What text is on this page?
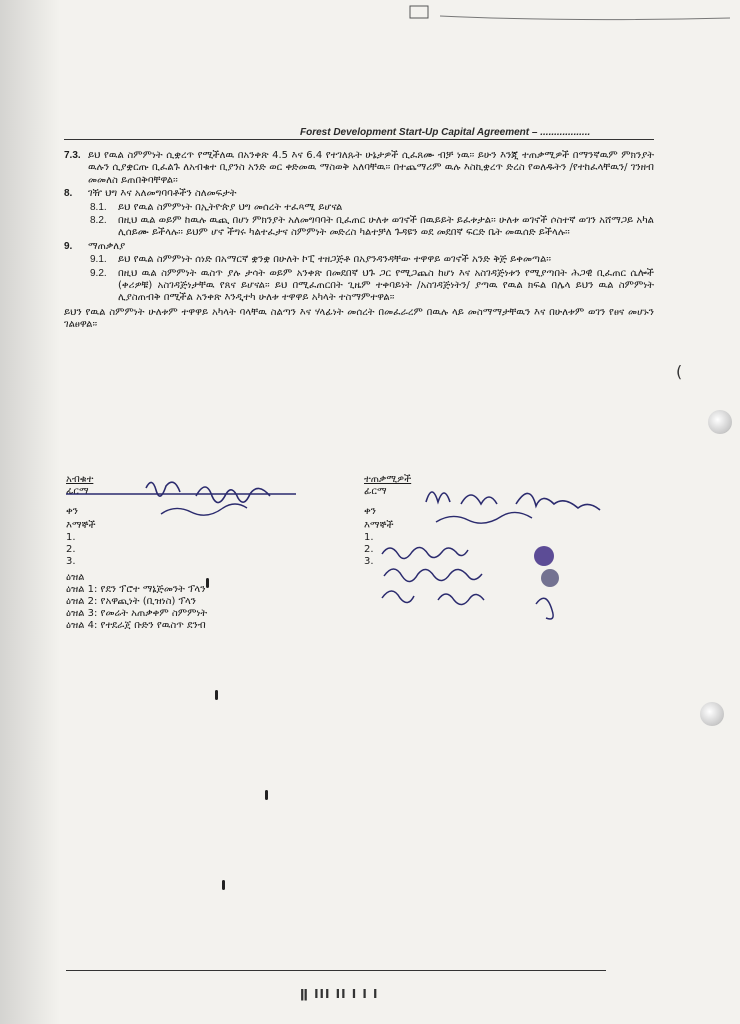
Forest Development Start-Up Capital Agreement – ..................
7.3. ይህ የዉል ስምምነት ሲቋረጥ የሚችለዉ በአንቀጽ 4.5 እና 6.4 የተገለጹት ሁኔታዎች ሲፈጸሙ ብቻ ነዉ፡፡ ይሁን እንጂ ተጠቃሚዎች በማንኛዉም ምክንያት ዉሉን ሲያቋርጡ ቢፈልጉ ለአብቁተ ቢያንስ አንድ ወር ቀድመዉ ማስወቅ አለባቸዉ፡፡ በተጨማሪም ዉሉ እስኪቋረጥ ድረስ የወለዱትን /የተከፈላቸዉን/ ገንዘብ መመለስ ይጠበቅባቸዋል፡፡
8.	ገዥ ህግ እና አለመግባባቶችን ስለመፍታት
8.1.	ይህ የዉል ስምምነት በኢትዮጵያ ህግ መሰረት ተፈጻሚ ይሆናል
8.2.	በዚህ ዉል ወይም ከዉሉ ዉጪ በሆነ ምክንያት አለመግባባት ቢፈጠር ሁለቱ ወገኖች በዉይይት ይፈቱታል፡፡ ሁለቱ ወገኖች ሶስተኛ ወገን አሸማጋይ አካል ሊሰይሙ ይችላሉ፡፡ ይህም ሆኖ ችግሩ ካልተፈታና ስምምነት መድረስ ካልተቻለ ጉዳዩን ወደ መደበኛ ፍርድ ቤት መዉሰድ ይችላሉ፡፡
9.	ማጠቃለያ
9.1.	ይህ የዉል ስምምነት ሰነድ በአማርኛ ቋንቋ በሁለት ኮፒ ተዘጋጅቶ በአያንዳንዳቸው ተዋዋይ ወገኖች አንድ ቅጅ ይቀመጣል፡፡
9.2.	በዚህ ዉል ስምምነት ዉስጥ ያሉ ታሳት ወይም አንቀጽ በመደበኛ ህጉ ጋር የሚጋጨስ ከሆነ እና አስገዳጅነቱን የሚያጣበት ሕጋዊ ቢፈጠር ሴሎች (ቀሪዎቹ) አስገዳጅነታቸዉ የጸና ይሆናል፡፡ ይህ በሚፈጠርበት ጊዜም ተቀባይነት /አስገዳጅነትን/ ያጣዉ የዉል ክፍል በሌላ ይህን ዉል ስምምነት ሊያስጠብቅ በሚችል አንቀጽ እንዲተካ ሁለቱ ተዋዋይ አካላት ተስማምተዋል፡፡
ይህን የዉል ስምምነት ሁለቱም ተዋዋይ አካላት ባላቸዉ ስልጣን እና ሃላፊነት መሰረት በመፈራረም በዉሉ ላይ መስማማታቸዉን እና በሁለቱም ወገን የፀና መሆኑን ገልፀዋል፡፡
አብቁተ
ፊርማ
ቀን
እማኞች
1.
2.
3.
ዕዝል
ዕዝል 1: የደን ፕሮተ ማኔጅመንት ፕላን
ዕዝል 2: የአዋጪነት (ቢዝነስ) ፕላን
ዕዝል 3: የመሬት አጠቃቀም ስምምነት
ዕዝል 4: የተደራጀ ቡድን የዉስጥ ደንብ
ተጠቃሚዎች
ፊርማ
ቀን
እማኞች
1.
2.
3.
(
ǁ ΙΙΙ ΙΙ Ι Ι Ι
